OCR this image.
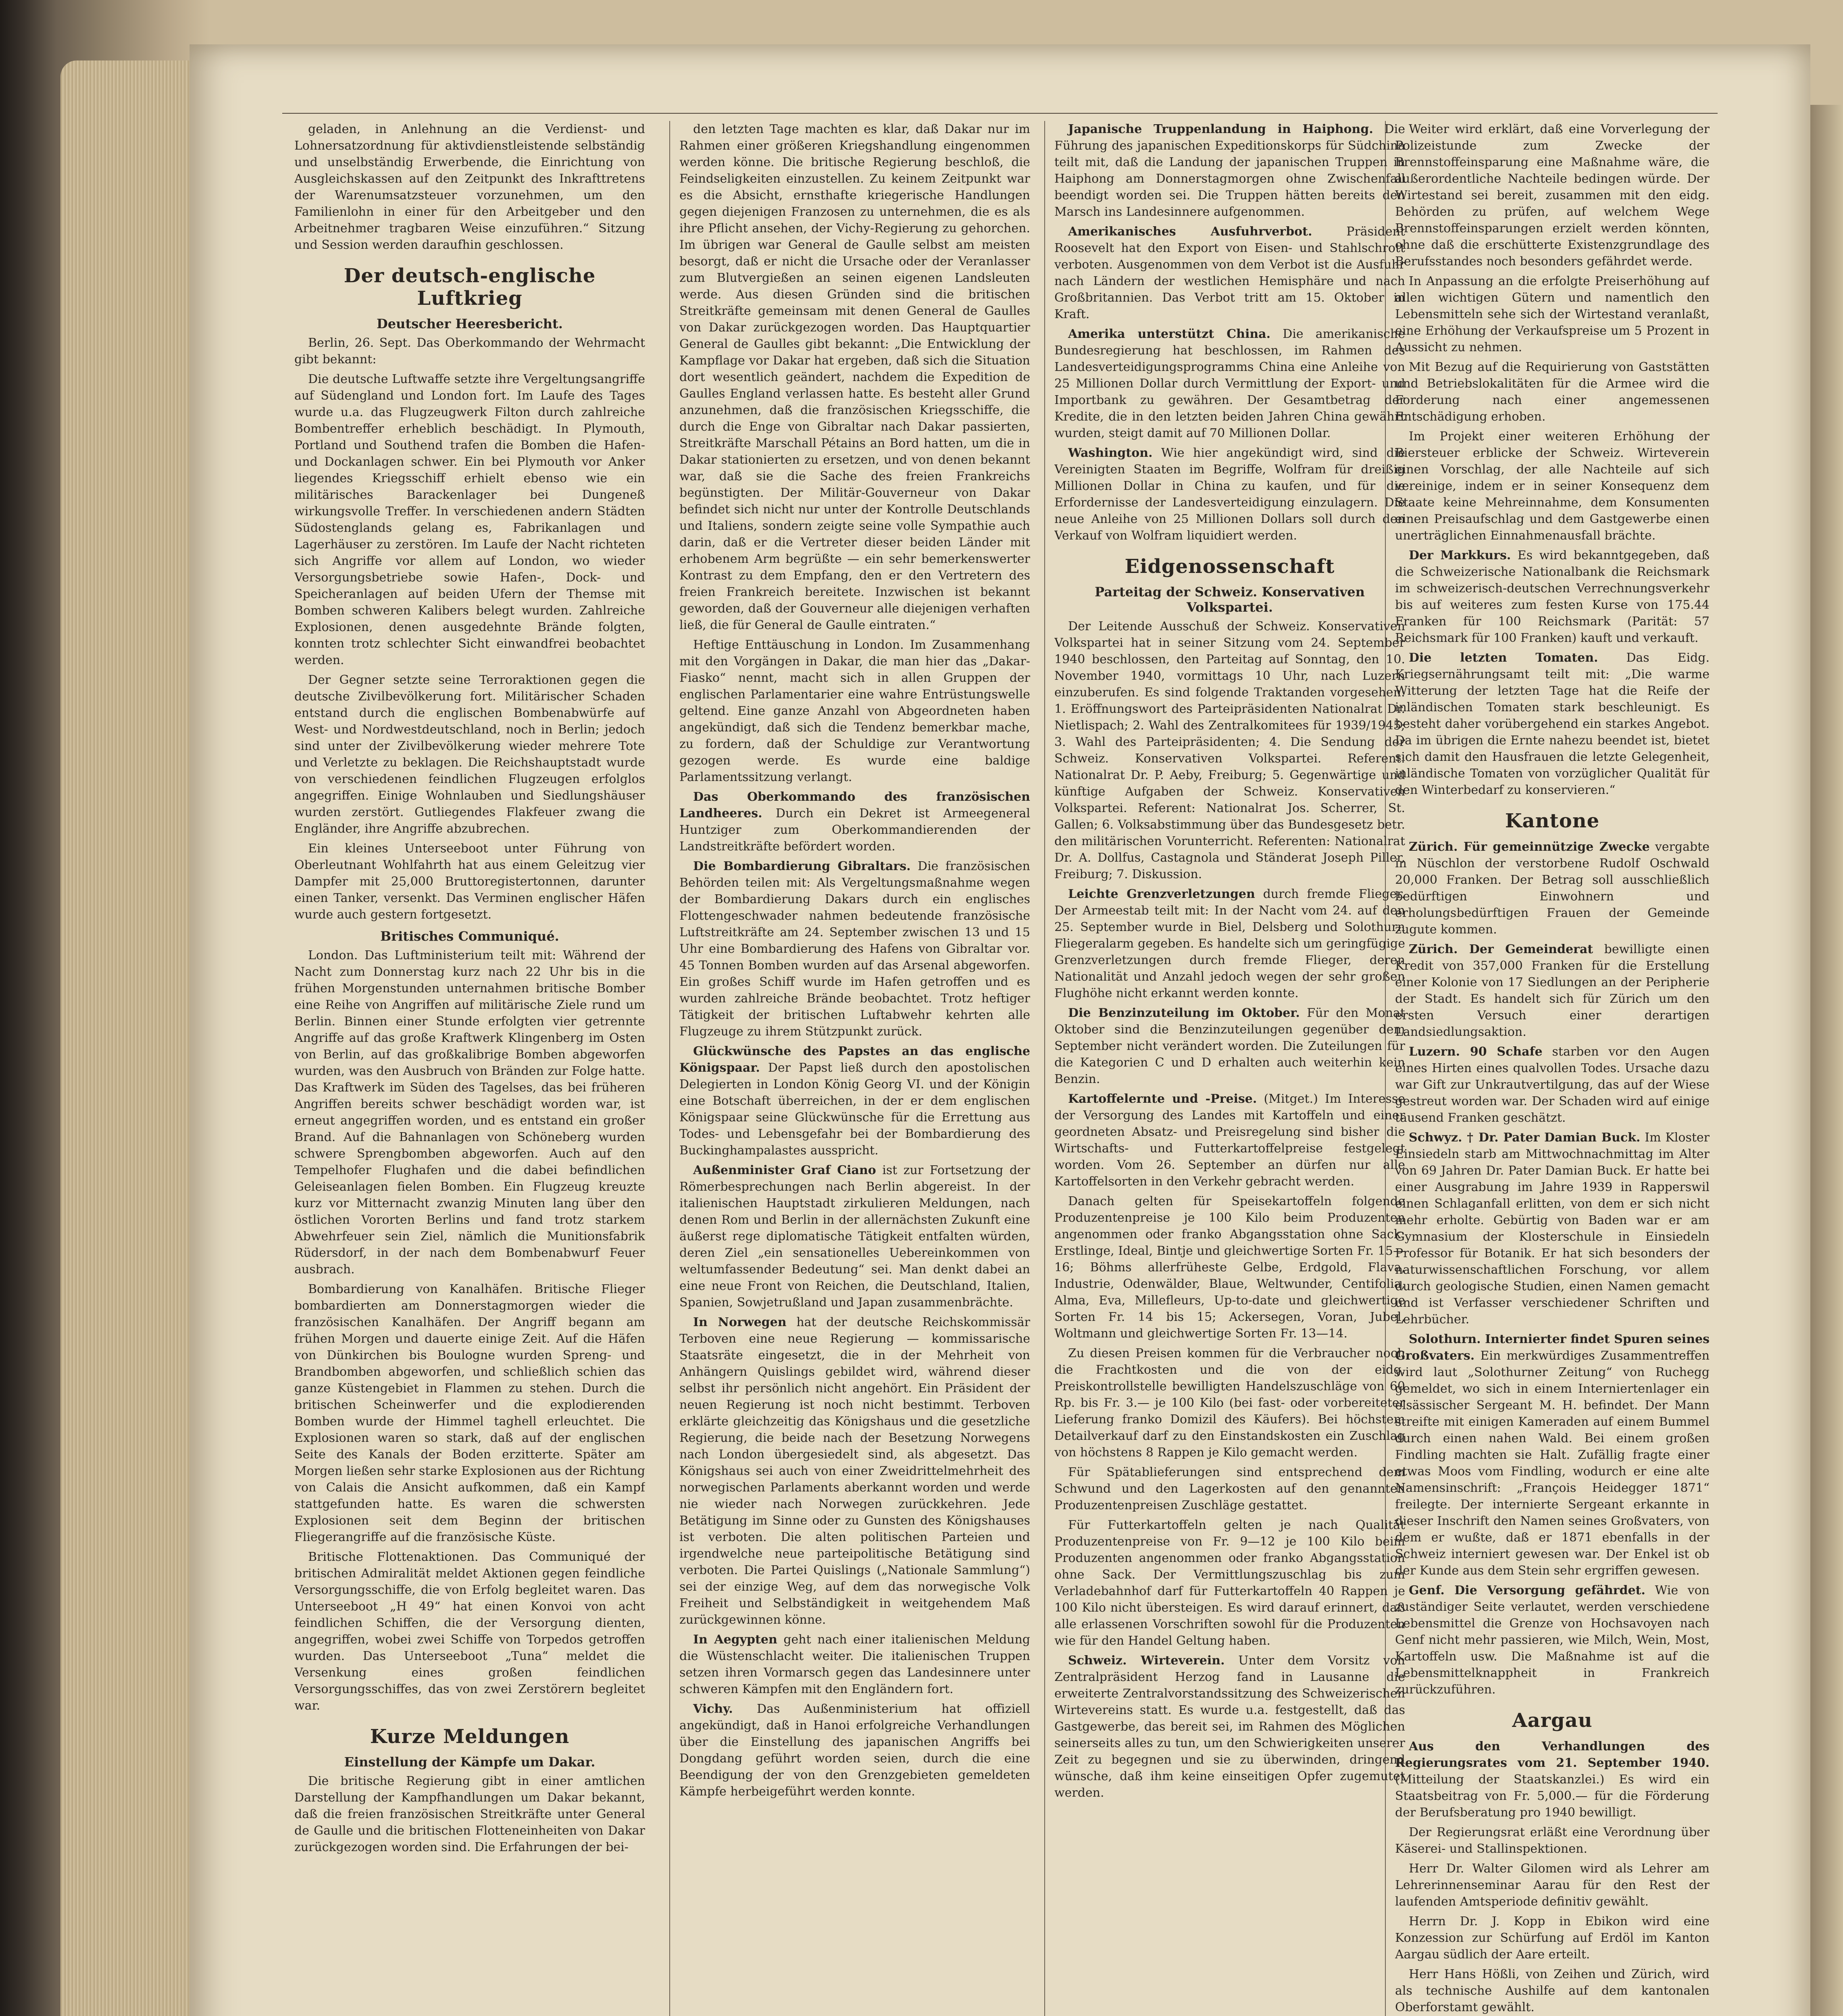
geladen, in Anlehnung an die Verdienst- und Lohnersatzordnung für aktivdienstleistende selbständig und unselbständig Erwerbende, die Einrichtung von Ausgleichskassen auf den Zeitpunkt des Inkrafttretens der Warenumsatzsteuer vorzunehmen, um den Familienlohn in einer für den Arbeitgeber und den Arbeitnehmer tragbaren Weise einzuführen.“ Sitzung und Session werden daraufhin geschlossen.

Der deutsch-englische Luftkrieg
Deutscher Heeresbericht.

Berlin, 26. Sept. Das Oberkommando der Wehrmacht gibt bekannt:

Die deutsche Luftwaffe setzte ihre Vergeltungsangriffe auf Südengland und London fort. Im Laufe des Tages wurde u.a. das Flugzeugwerk Filton durch zahlreiche Bombentreffer erheblich beschädigt. In Plymouth, Portland und Southend trafen die Bomben die Hafen- und Dockanlagen schwer. Ein bei Plymouth vor Anker liegendes Kriegsschiff erhielt ebenso wie ein militärisches Barackenlager bei Dungeneß wirkungsvolle Treffer. In verschiedenen andern Städten Südostenglands gelang es, Fabrikanlagen und Lagerhäuser zu zerstören. Im Laufe der Nacht richteten sich Angriffe vor allem auf London, wo wieder Versorgungsbetriebe sowie Hafen-, Dock- und Speicheranlagen auf beiden Ufern der Themse mit Bomben schweren Kalibers belegt wurden. Zahlreiche Explosionen, denen ausgedehnte Brände folgten, konnten trotz schlechter Sicht einwandfrei beobachtet werden.

Der Gegner setzte seine Terroraktionen gegen die deutsche Zivilbevölkerung fort. Militärischer Schaden entstand durch die englischen Bombenabwürfe auf West- und Nordwestdeutschland, noch in Berlin; jedoch sind unter der Zivilbevölkerung wieder mehrere Tote und Verletzte zu beklagen. Die Reichshauptstadt wurde von verschiedenen feindlichen Flugzeugen erfolglos angegriffen. Einige Wohnlauben und Siedlungshäuser wurden zerstört. Gutliegendes Flakfeuer zwang die Engländer, ihre Angriffe abzubrechen.

Ein kleines Unterseeboot unter Führung von Oberleutnant Wohlfahrth hat aus einem Geleitzug vier Dampfer mit 25,000 Bruttoregistertonnen, darunter einen Tanker, versenkt. Das Verminen englischer Häfen wurde auch gestern fortgesetzt.

Britisches Communiqué.

London. Das Luftministerium teilt mit: Während der Nacht zum Donnerstag kurz nach 22 Uhr bis in die frühen Morgenstunden unternahmen britische Bomber eine Reihe von Angriffen auf militärische Ziele rund um Berlin. Binnen einer Stunde erfolgten vier getrennte Angriffe auf das große Kraftwerk Klingenberg im Osten von Berlin, auf das großkalibrige Bomben abgeworfen wurden, was den Ausbruch von Bränden zur Folge hatte. Das Kraftwerk im Süden des Tagelses, das bei früheren Angriffen bereits schwer beschädigt worden war, ist erneut angegriffen worden, und es entstand ein großer Brand. Auf die Bahnanlagen von Schöneberg wurden schwere Sprengbomben abgeworfen. Auch auf den Tempelhofer Flughafen und die dabei befindlichen Geleiseanlagen fielen Bomben. Ein Flugzeug kreuzte kurz vor Mitternacht zwanzig Minuten lang über den östlichen Vororten Berlins und fand trotz starkem Abwehrfeuer sein Ziel, nämlich die Munitionsfabrik Rüdersdorf, in der nach dem Bombenabwurf Feuer ausbrach.

Bombardierung von Kanalhäfen. Britische Flieger bombardierten am Donnerstagmorgen wieder die französischen Kanalhäfen. Der Angriff begann am frühen Morgen und dauerte einige Zeit. Auf die Häfen von Dünkirchen bis Boulogne wurden Spreng- und Brandbomben abgeworfen, und schließlich schien das ganze Küstengebiet in Flammen zu stehen. Durch die britischen Scheinwerfer und die explodierenden Bomben wurde der Himmel taghell erleuchtet. Die Explosionen waren so stark, daß auf der englischen Seite des Kanals der Boden erzitterte. Später am Morgen ließen sehr starke Explosionen aus der Richtung von Calais die Ansicht aufkommen, daß ein Kampf stattgefunden hatte. Es waren die schwersten Explosionen seit dem Beginn der britischen Fliegerangriffe auf die französische Küste.

Britische Flottenaktionen. Das Communiqué der britischen Admiralität meldet Aktionen gegen feindliche Versorgungsschiffe, die von Erfolg begleitet waren. Das Unterseeboot „H 49“ hat einen Konvoi von acht feindlichen Schiffen, die der Versorgung dienten, angegriffen, wobei zwei Schiffe von Torpedos getroffen wurden. Das Unterseeboot „Tuna“ meldet die Versenkung eines großen feindlichen Versorgungsschiffes, das von zwei Zerstörern begleitet war.

Kurze Meldungen
Einstellung der Kämpfe um Dakar.

Die britische Regierung gibt in einer amtlichen Darstellung der Kampfhandlungen um Dakar bekannt, daß die freien französischen Streitkräfte unter General de Gaulle und die britischen Flotteneinheiten von Dakar zurückgezogen worden sind. Die Erfahrungen der bei-

den letzten Tage machten es klar, daß Dakar nur im Rahmen einer größeren Kriegshandlung eingenommen werden könne. Die britische Regierung beschloß, die Feindseligkeiten einzustellen. Zu keinem Zeitpunkt war es die Absicht, ernsthafte kriegerische Handlungen gegen diejenigen Franzosen zu unternehmen, die es als ihre Pflicht ansehen, der Vichy-Regierung zu gehorchen. Im übrigen war General de Gaulle selbst am meisten besorgt, daß er nicht die Ursache oder der Veranlasser zum Blutvergießen an seinen eigenen Landsleuten werde. Aus diesen Gründen sind die britischen Streitkräfte gemeinsam mit denen General de Gaulles von Dakar zurückgezogen worden. Das Hauptquartier General de Gaulles gibt bekannt: „Die Entwicklung der Kampflage vor Dakar hat ergeben, daß sich die Situation dort wesentlich geändert, nachdem die Expedition de Gaulles England verlassen hatte. Es besteht aller Grund anzunehmen, daß die französischen Kriegsschiffe, die durch die Enge von Gibraltar nach Dakar passierten, Streitkräfte Marschall Pétains an Bord hatten, um die in Dakar stationierten zu ersetzen, und von denen bekannt war, daß sie die Sache des freien Frankreichs begünstigten. Der Militär-Gouverneur von Dakar befindet sich nicht nur unter der Kontrolle Deutschlands und Italiens, sondern zeigte seine volle Sympathie auch darin, daß er die Vertreter dieser beiden Länder mit erhobenem Arm begrüßte — ein sehr bemerkenswerter Kontrast zu dem Empfang, den er den Vertretern des freien Frankreich bereitete. Inzwischen ist bekannt geworden, daß der Gouverneur alle diejenigen verhaften ließ, die für General de Gaulle eintraten.“

Heftige Enttäuschung in London. Im Zusammenhang mit den Vorgängen in Dakar, die man hier das „Dakar-Fiasko“ nennt, macht sich in allen Gruppen der englischen Parlamentarier eine wahre Entrüstungswelle geltend. Eine ganze Anzahl von Abgeordneten haben angekündigt, daß sich die Tendenz bemerkbar mache, zu fordern, daß der Schuldige zur Verantwortung gezogen werde. Es wurde eine baldige Parlamentssitzung verlangt.

Das Oberkommando des französischen Landheeres. Durch ein Dekret ist Armeegeneral Huntziger zum Oberkommandierenden der Landstreitkräfte befördert worden.

Die Bombardierung Gibraltars. Die französischen Behörden teilen mit: Als Vergeltungsmaßnahme wegen der Bombardierung Dakars durch ein englisches Flottengeschwader nahmen bedeutende französische Luftstreitkräfte am 24. September zwischen 13 und 15 Uhr eine Bombardierung des Hafens von Gibraltar vor. 45 Tonnen Bomben wurden auf das Arsenal abgeworfen. Ein großes Schiff wurde im Hafen getroffen und es wurden zahlreiche Brände beobachtet. Trotz heftiger Tätigkeit der britischen Luftabwehr kehrten alle Flugzeuge zu ihrem Stützpunkt zurück.

Glückwünsche des Papstes an das englische Königspaar. Der Papst ließ durch den apostolischen Delegierten in London König Georg VI. und der Königin eine Botschaft überreichen, in der er dem englischen Königspaar seine Glückwünsche für die Errettung aus Todes- und Lebensgefahr bei der Bombardierung des Buckinghampalastes ausspricht.

Außenminister Graf Ciano ist zur Fortsetzung der Römerbesprechungen nach Berlin abgereist. In der italienischen Hauptstadt zirkulieren Meldungen, nach denen Rom und Berlin in der allernächsten Zukunft eine äußerst rege diplomatische Tätigkeit entfalten würden, deren Ziel „ein sensationelles Uebereinkommen von weltumfassender Bedeutung“ sei. Man denkt dabei an eine neue Front von Reichen, die Deutschland, Italien, Spanien, Sowjetrußland und Japan zusammenbrächte.

In Norwegen hat der deutsche Reichskommissär Terboven eine neue Regierung — kommissarische Staatsräte eingesetzt, die in der Mehrheit von Anhängern Quislings gebildet wird, während dieser selbst ihr persönlich nicht angehört. Ein Präsident der neuen Regierung ist noch nicht bestimmt. Terboven erklärte gleichzeitig das Königshaus und die gesetzliche Regierung, die beide nach der Besetzung Norwegens nach London übergesiedelt sind, als abgesetzt. Das Königshaus sei auch von einer Zweidrittelmehrheit des norwegischen Parlaments aberkannt worden und werde nie wieder nach Norwegen zurückkehren. Jede Betätigung im Sinne oder zu Gunsten des Königshauses ist verboten. Die alten politischen Parteien und irgendwelche neue parteipolitische Betätigung sind verboten. Die Partei Quislings („Nationale Sammlung“) sei der einzige Weg, auf dem das norwegische Volk Freiheit und Selbständigkeit in weitgehendem Maß zurückgewinnen könne.

In Aegypten geht nach einer italienischen Meldung die Wüstenschlacht weiter. Die italienischen Truppen setzen ihren Vormarsch gegen das Landesinnere unter schweren Kämpfen mit den Engländern fort.

Vichy. Das Außenministerium hat offiziell angekündigt, daß in Hanoi erfolgreiche Verhandlungen über die Einstellung des japanischen Angriffs bei Dongdang geführt worden seien, durch die eine Beendigung der von den Grenzgebieten gemeldeten Kämpfe herbeigeführt werden konnte.

Japanische Truppenlandung in Haiphong. Die Führung des japanischen Expeditionskorps für Südchina teilt mit, daß die Landung der japanischen Truppen in Haiphong am Donnerstagmorgen ohne Zwischenfall beendigt worden sei. Die Truppen hätten bereits den Marsch ins Landesinnere aufgenommen.

Amerikanisches Ausfuhrverbot. Präsident Roosevelt hat den Export von Eisen- und Stahlschrott verboten. Ausgenommen von dem Verbot ist die Ausfuhr nach Ländern der westlichen Hemisphäre und nach Großbritannien. Das Verbot tritt am 15. Oktober in Kraft.

Amerika unterstützt China. Die amerikanische Bundesregierung hat beschlossen, im Rahmen des Landesverteidigungsprogramms China eine Anleihe von 25 Millionen Dollar durch Vermittlung der Export- und Importbank zu gewähren. Der Gesamtbetrag der Kredite, die in den letzten beiden Jahren China gewährt wurden, steigt damit auf 70 Millionen Dollar.

Washington. Wie hier angekündigt wird, sind die Vereinigten Staaten im Begriffe, Wolfram für dreißig Millionen Dollar in China zu kaufen, und für die Erfordernisse der Landesverteidigung einzulagern. Die neue Anleihe von 25 Millionen Dollars soll durch den Verkauf von Wolfram liquidiert werden.

Eidgenossenschaft
Parteitag der Schweiz. Konservativen Volkspartei.

Der Leitende Ausschuß der Schweiz. Konservativen Volkspartei hat in seiner Sitzung vom 24. September 1940 beschlossen, den Parteitag auf Sonntag, den 10. November 1940, vormittags 10 Uhr, nach Luzern einzuberufen. Es sind folgende Traktanden vorgesehen: 1. Eröffnungswort des Parteipräsidenten Nationalrat Dr. Nietlispach; 2. Wahl des Zentralkomitees für 1939/1945; 3. Wahl des Parteipräsidenten; 4. Die Sendung der Schweiz. Konservativen Volkspartei. Referent: Nationalrat Dr. P. Aeby, Freiburg; 5. Gegenwärtige und künftige Aufgaben der Schweiz. Konservativen Volkspartei. Referent: Nationalrat Jos. Scherrer, St. Gallen; 6. Volksabstimmung über das Bundesgesetz betr. den militärischen Vorunterricht. Referenten: Nationalrat Dr. A. Dollfus, Castagnola und Ständerat Joseph Piller, Freiburg; 7. Diskussion.

Leichte Grenzverletzungen durch fremde Flieger. Der Armeestab teilt mit: In der Nacht vom 24. auf den 25. September wurde in Biel, Delsberg und Solothurn Fliegeralarm gegeben. Es handelte sich um geringfügige Grenzverletzungen durch fremde Flieger, deren Nationalität und Anzahl jedoch wegen der sehr großen Flughöhe nicht erkannt werden konnte.

Die Benzinzuteilung im Oktober. Für den Monat Oktober sind die Benzinzuteilungen gegenüber dem September nicht verändert worden. Die Zuteilungen für die Kategorien C und D erhalten auch weiterhin kein Benzin.

Kartoffelernte und -Preise. (Mitget.) Im Interesse der Versorgung des Landes mit Kartoffeln und einer geordneten Absatz- und Preisregelung sind bisher die Wirtschafts- und Futterkartoffelpreise festgelegt worden. Vom 26. September an dürfen nur alle Kartoffelsorten in den Verkehr gebracht werden.

Danach gelten für Speisekartoffeln folgende Produzentenpreise je 100 Kilo beim Produzenten angenommen oder franko Abgangsstation ohne Sack: Erstlinge, Ideal, Bintje und gleichwertige Sorten Fr. 15—16; Böhms allerfrüheste Gelbe, Erdgold, Flava, Industrie, Odenwälder, Blaue, Weltwunder, Centifolia, Alma, Eva, Millefleurs, Up-to-date und gleichwertige Sorten Fr. 14 bis 15; Ackersegen, Voran, Jubel, Woltmann und gleichwertige Sorten Fr. 13—14.

Zu diesen Preisen kommen für die Verbraucher noch die Frachtkosten und die von der eidg. Preiskontrollstelle bewilligten Handelszuschläge von 60 Rp. bis Fr. 3.— je 100 Kilo (bei fast- oder vorbereiteter Lieferung franko Domizil des Käufers). Bei höchstem Detailverkauf darf zu den Einstandskosten ein Zuschlag von höchstens 8 Rappen je Kilo gemacht werden.

Für Spätablieferungen sind entsprechend dem Schwund und den Lagerkosten auf den genannten Produzentenpreisen Zuschläge gestattet.

Für Futterkartoffeln gelten je nach Qualität Produzentenpreise von Fr. 9—12 je 100 Kilo beim Produzenten angenommen oder franko Abgangsstation ohne Sack. Der Vermittlungszuschlag bis zum Verladebahnhof darf für Futterkartoffeln 40 Rappen je 100 Kilo nicht übersteigen. Es wird darauf erinnert, daß alle erlassenen Vorschriften sowohl für die Produzenten wie für den Handel Geltung haben.

Schweiz. Wirteverein. Unter dem Vorsitz von Zentralpräsident Herzog fand in Lausanne die erweiterte Zentralvorstandssitzung des Schweizerischen Wirtevereins statt. Es wurde u.a. festgestellt, daß das Gastgewerbe, das bereit sei, im Rahmen des Möglichen seinerseits alles zu tun, um den Schwierigkeiten unserer Zeit zu begegnen und sie zu überwinden, dringend wünsche, daß ihm keine einseitigen Opfer zugemutet werden.

Weiter wird erklärt, daß eine Vorverlegung der Polizeistunde zum Zwecke der Brennstoffeinsparung eine Maßnahme wäre, die außerordentliche Nachteile bedingen würde. Der Wirtestand sei bereit, zusammen mit den eidg. Behörden zu prüfen, auf welchem Wege Brennstoffeinsparungen erzielt werden könnten, ohne daß die erschütterte Existenzgrundlage des Berufsstandes noch besonders gefährdet werde.

In Anpassung an die erfolgte Preiserhöhung auf allen wichtigen Gütern und namentlich den Lebensmitteln sehe sich der Wirtestand veranlaßt, eine Erhöhung der Verkaufspreise um 5 Prozent in Aussicht zu nehmen.

Mit Bezug auf die Requirierung von Gaststätten und Betriebslokalitäten für die Armee wird die Forderung nach einer angemessenen Entschädigung erhoben.

Im Projekt einer weiteren Erhöhung der Biersteuer erblicke der Schweiz. Wirteverein einen Vorschlag, der alle Nachteile auf sich vereinige, indem er in seiner Konsequenz dem Staate keine Mehreinnahme, dem Konsumenten einen Preisaufschlag und dem Gastgewerbe einen unerträglichen Einnahmenausfall brächte.

Der Markkurs. Es wird bekanntgegeben, daß die Schweizerische Nationalbank die Reichsmark im schweizerisch-deutschen Verrechnungsverkehr bis auf weiteres zum festen Kurse von 175.44 Franken für 100 Reichsmark (Parität: 57 Reichsmark für 100 Franken) kauft und verkauft.

Die letzten Tomaten. Das Eidg. Kriegsernährungsamt teilt mit: „Die warme Witterung der letzten Tage hat die Reife der inländischen Tomaten stark beschleunigt. Es besteht daher vorübergehend ein starkes Angebot. Da im übrigen die Ernte nahezu beendet ist, bietet sich damit den Hausfrauen die letzte Gelegenheit, inländische Tomaten von vorzüglicher Qualität für den Winterbedarf zu konservieren.“

Kantone

Zürich. Für gemeinnützige Zwecke vergabte in Nüschlon der verstorbene Rudolf Oschwald 20,000 Franken. Der Betrag soll ausschließlich bedürftigen Einwohnern und erholungsbedürftigen Frauen der Gemeinde zugute kommen.

Zürich. Der Gemeinderat bewilligte einen Kredit von 357,000 Franken für die Erstellung einer Kolonie von 17 Siedlungen an der Peripherie der Stadt. Es handelt sich für Zürich um den ersten Versuch einer derartigen Landsiedlungsaktion.

Luzern. 90 Schafe starben vor den Augen eines Hirten eines qualvollen Todes. Ursache dazu war Gift zur Unkrautvertilgung, das auf der Wiese gestreut worden war. Der Schaden wird auf einige tausend Franken geschätzt.

Schwyz. † Dr. Pater Damian Buck. Im Kloster Einsiedeln starb am Mittwochnachmittag im Alter von 69 Jahren Dr. Pater Damian Buck. Er hatte bei einer Ausgrabung im Jahre 1939 in Rapperswil einen Schlaganfall erlitten, von dem er sich nicht mehr erholte. Gebürtig von Baden war er am Gymnasium der Klosterschule in Einsiedeln Professor für Botanik. Er hat sich besonders der naturwissenschaftlichen Forschung, vor allem durch geologische Studien, einen Namen gemacht und ist Verfasser verschiedener Schriften und Lehrbücher.

Solothurn. Internierter findet Spuren seines Großvaters. Ein merkwürdiges Zusammentreffen wird laut „Solothurner Zeitung“ von Ruchegg gemeldet, wo sich in einem Interniertenlager ein elsässischer Sergeant M. H. befindet. Der Mann streifte mit einigen Kameraden auf einem Bummel durch einen nahen Wald. Bei einem großen Findling machten sie Halt. Zufällig fragte einer etwas Moos vom Findling, wodurch er eine alte Namensinschrift: „François Heidegger 1871“ freilegte. Der internierte Sergeant erkannte in dieser Inschrift den Namen seines Großvaters, von dem er wußte, daß er 1871 ebenfalls in der Schweiz interniert gewesen war. Der Enkel ist ob der Kunde aus dem Stein sehr ergriffen gewesen.

Genf. Die Versorgung gefährdet. Wie von zuständiger Seite verlautet, werden verschiedene Lebensmittel die Grenze von Hochsavoyen nach Genf nicht mehr passieren, wie Milch, Wein, Most, Kartoffeln usw. Die Maßnahme ist auf die Lebensmittelknappheit in Frankreich zurückzuführen.

Aargau

Aus den Verhandlungen des Regierungsrates vom 21. September 1940. (Mitteilung der Staatskanzlei.) Es wird ein Staatsbeitrag von Fr. 5,000.— für die Förderung der Berufsberatung pro 1940 bewilligt.

Der Regierungsrat erläßt eine Verordnung über Käserei- und Stallinspektionen.

Herr Dr. Walter Gilomen wird als Lehrer am Lehrerinnenseminar Aarau für den Rest der laufenden Amtsperiode definitiv gewählt.

Herrn Dr. J. Kopp in Ebikon wird eine Konzession zur Schürfung auf Erdöl im Kanton Aargau südlich der Aare erteilt.

Herr Hans Hößli, von Zeihen und Zürich, wird als technische Aushilfe auf dem kantonalen Oberforstamt gewählt.
